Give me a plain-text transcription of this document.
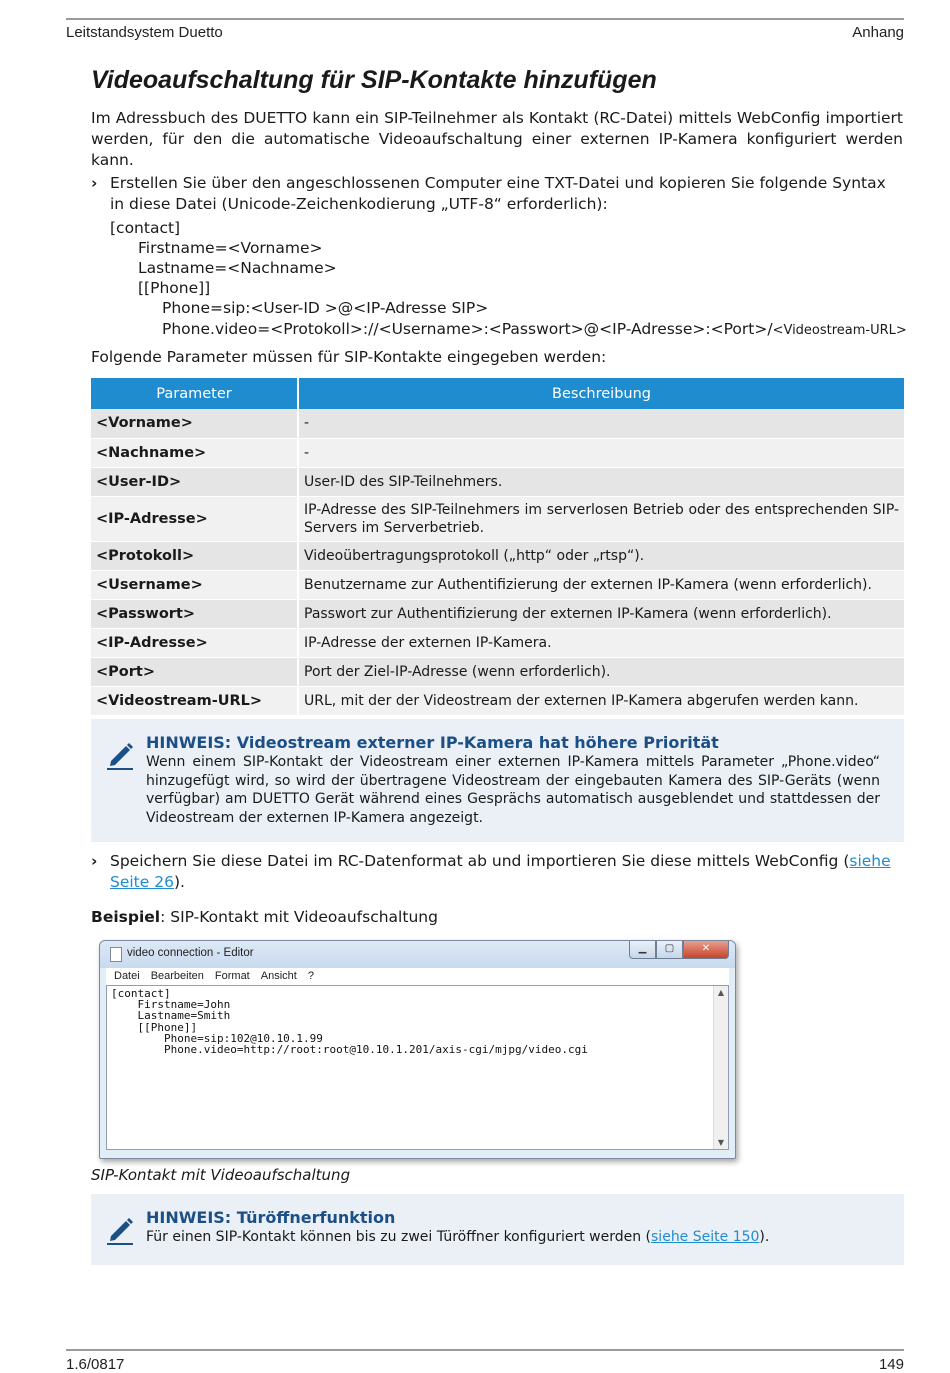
Leitstandsystem Duetto	Anhang
1.6/0817	149
Videoaufschaltung für SIP-Kontakte hinzufügen

Im Adressbuch des DUETTO kann ein SIP-Teilnehmer als Kontakt (RC-Datei) mittels WebConfig importiert werden, für den die automatische Videoaufschaltung einer externen IP-Kamera konfiguriert werden kann.

› Erstellen Sie über den angeschlossenen Computer eine TXT-Datei und kopieren Sie folgende Syntax in diese Datei (Unicode-Zeichenkodierung „UTF-8“ erforderlich):
[contact]
Firstname=<Vorname>
Lastname=<Nachname>
[[Phone]]
Phone=sip:<User-ID >@<IP-Adresse SIP>
Phone.video=<Protokoll>://<Username>:<Passwort>@<IP-Adresse>:<Port>/<Videostream-URL>
Folgende Parameter müssen für SIP-Kontakte eingegeben werden:
Parameter	Beschreibung
<Vorname>	-
<Nachname>	-
<User-ID>	User-ID des SIP-Teilnehmers.
<IP-Adresse>	IP-Adresse des SIP-Teilnehmers im serverlosen Betrieb oder des entsprechenden SIP-Servers im Serverbetrieb.
<Protokoll>	Videoübertragungsprotokoll („http“ oder „rtsp“).
<Username>	Benutzername zur Authentifizierung der externen IP-Kamera (wenn erforderlich).
<Passwort>	Passwort zur Authentifizierung der externen IP-Kamera (wenn erforderlich).
<IP-Adresse>	IP-Adresse der externen IP-Kamera.
<Port>	Port der Ziel-IP-Adresse (wenn erforderlich).
<Videostream-URL>	URL, mit der der Videostream der externen IP-Kamera abgerufen werden kann.
HINWEIS: Videostream externer IP-Kamera hat höhere Priorität
Wenn einem SIP-Kontakt der Videostream einer externen IP-Kamera mittels Parameter „Phone.video“ hinzugefügt wird, so wird der übertragene Videostream der eingebauten Kamera des SIP-Geräts (wenn verfügbar) am DUETTO Gerät während eines Gesprächs automatisch ausgeblendet und stattdessen der Videostream der externen IP-Kamera angezeigt.
› Speichern Sie diese Datei im RC-Datenformat ab und importieren Sie diese mittels WebConfig (siehe Seite 26).
Beispiel: SIP-Kontakt mit Videoaufschaltung
video connection - Editor	▁	▢	✕
Datei Bearbeiten Format Ansicht ?
[contact]
Firstname=John
Lastname=Smith
[[Phone]]
Phone=sip:102@10.10.1.99
Phone.video=http://root:root@10.10.1.201/axis-cgi/mjpg/video.cgi
▲
▼
SIP-Kontakt mit Videoaufschaltung
HINWEIS: Türöffnerfunktion
Für einen SIP-Kontakt können bis zu zwei Türöffner konfiguriert werden (siehe Seite 150).
